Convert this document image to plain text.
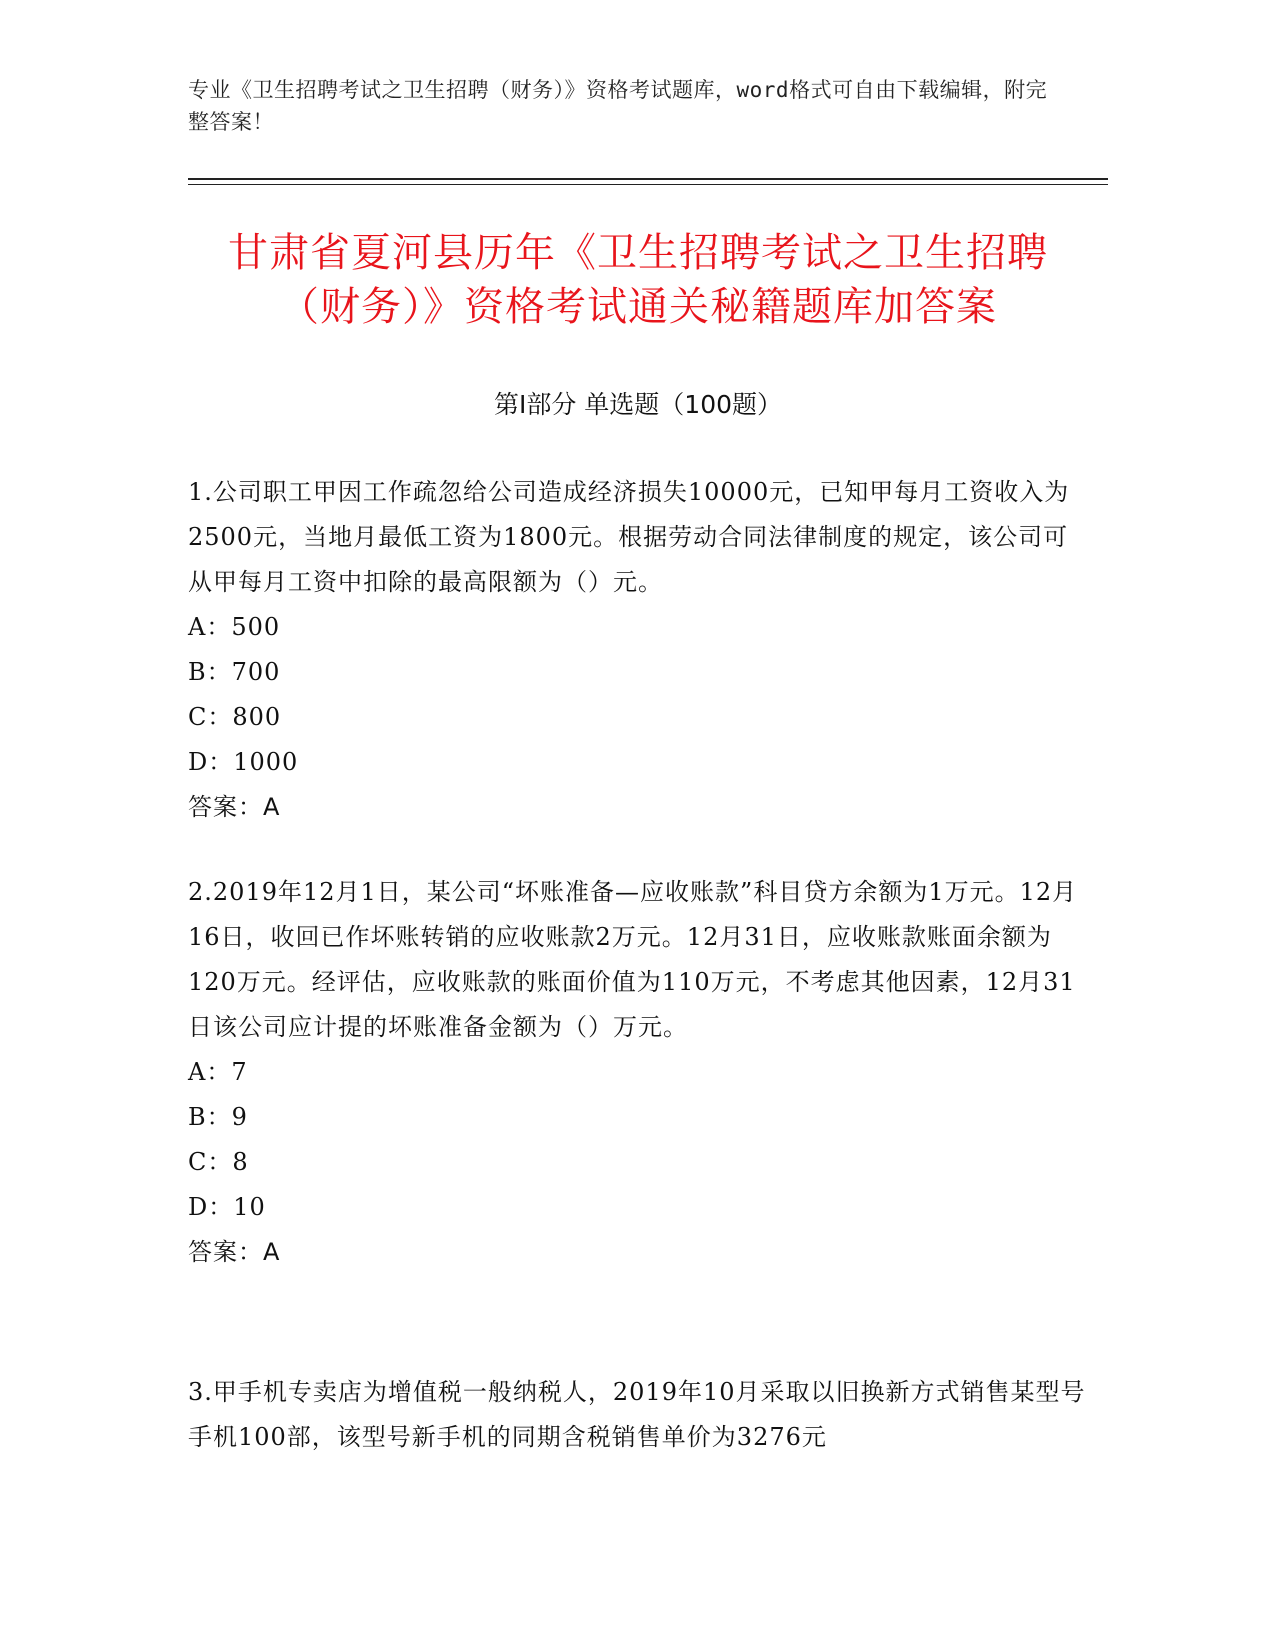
专业《卫生招聘考试之卫生招聘（财务）》资格考试题库，word格式可自由下载编辑，附完整答案！
甘肃省夏河县历年《卫生招聘考试之卫生招聘（财务）》资格考试通关秘籍题库加答案
第I部分 单选题（100题）
1.公司职工甲因工作疏忽给公司造成经济损失10000元，已知甲每月工资收入为2500元，当地月最低工资为1800元。根据劳动合同法律制度的规定，该公司可从甲每月工资中扣除的最高限额为（）元。
A：500
B：700
C：800
D：1000
答案：A
2.2019年12月1日，某公司“坏账准备—应收账款”科目贷方余额为1万元。12月16日，收回已作坏账转销的应收账款2万元。12月31日，应收账款账面余额为120万元。经评估，应收账款的账面价值为110万元，不考虑其他因素，12月31日该公司应计提的坏账准备金额为（）万元。
A：7
B：9
C：8
D：10
答案：A
3.甲手机专卖店为增值税一般纳税人，2019年10月采取以旧换新方式销售某型号手机100部，该型号新手机的同期含税销售单价为3276元
